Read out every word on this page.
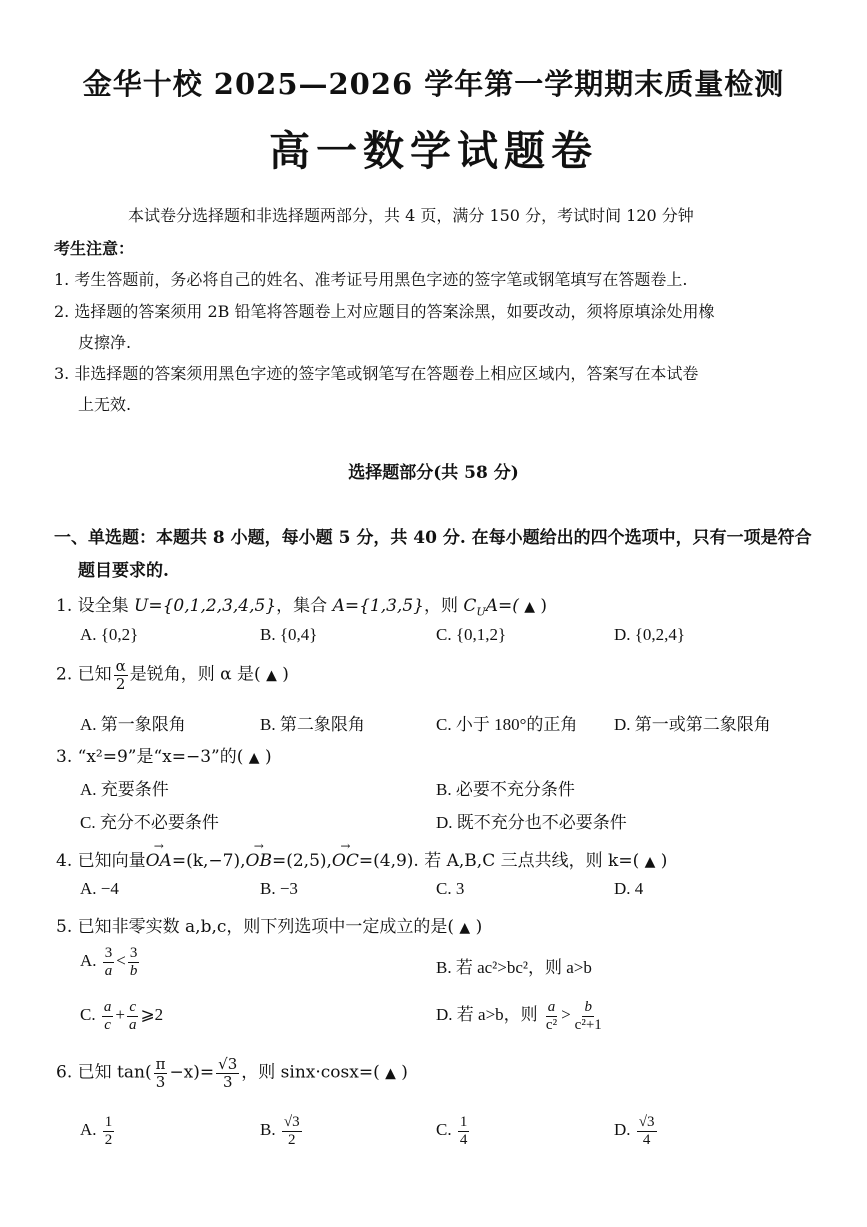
金华十校 2025—2026 学年第一学期期末质量检测
高一数学试题卷
本试卷分选择题和非选择题两部分，共 4 页，满分 150 分，考试时间 120 分钟
考生注意：
1. 考生答题前，务必将自己的姓名、准考证号用黑色字迹的签字笔或钢笔填写在答题卷上.
2. 选择题的答案须用 2B 铅笔将答题卷上对应题目的答案涂黑，如要改动，须将原填涂处用橡
皮擦净.
3. 非选择题的答案须用黑色字迹的签字笔或钢笔写在答题卷上相应区域内，答案写在本试卷
上无效.
选择题部分(共 58 分)
一、单选题：本题共 8 小题，每小题 5 分，共 40 分. 在每小题给出的四个选项中，只有一项是符合
题目要求的.
1. 设全集 U={0,1,2,3,4,5}，集合 A={1,3,5}，则 $C_UA=$( ▲ )
A. {0,2}	B. {0,4}	C. {0,1,2}	D. {0,2,4}
2. 已知 $\frac{\alpha}{2}$ 是锐角，则 α 是( ▲ )
A. 第一象限角	B. 第二象限角	C. 小于 180°的正角 D. 第一或第二象限角
3. “x²=9”是“x=−3”的( ▲ )
A. 充要条件	B. 必要不充分条件
C. 充分不必要条件	D. 既不充分也不必要条件
4. 已知向量→ OA=(k,−7),→ OB=(2,5),→ OC=(4,9). 若 A,B,C 三点共线，则 k=( ▲ )
A. −4	B. −3	C. 3	D. 4
5. 已知非零实数 a,b,c，则下列选项中一定成立的是( ▲ )
A. $\frac{3}{a} < \frac{3}{b}$	B. 若 ac²>bc²，则 a>b
C. $\frac{a}{c} + \frac{c}{a}$ ⩾2	D. 若 a>b，则 $\frac{a}{\text{c²}} > \frac{b}{\text{c²+1}}$
6. 已知 $\tan( \frac{\pi}{3} -x)= \frac{√3}{3}$ ，则 sinx·cosx=( ▲ )
A. $\frac{1}{2}$	B. $\frac{√3}{2}$	C. $\frac{1}{4}$	D. $\frac{√3}{4}$
